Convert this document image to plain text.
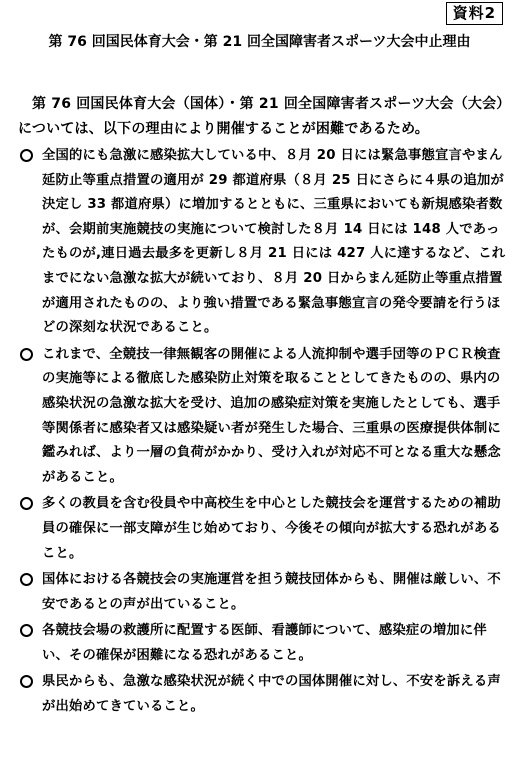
資料2
第 76 回国民体育大会・第 21 回全国障害者スポーツ大会中止理由
第 76 回国民体育大会（国体）・第 21 回全国障害者スポーツ大会（大会）については、以下の理由により開催することが困難であるため。
全国的にも急激に感染拡大している中、８月 20 日には緊急事態宣言やまん延防止等重点措置の適用が 29 都道府県（８月 25 日にさらに４県の追加が決定し 33 都道府県）に増加するとともに、三重県においても新規感染者数が、会期前実施競技の実施について検討した８月 14 日には 148 人であったものが,連日過去最多を更新し８月 21 日には 427 人に達するなど、これまでにない急激な拡大が続いており、８月 20 日からまん延防止等重点措置が適用されたものの、より強い措置である緊急事態宣言の発令要請を行うほどの深刻な状況であること。
これまで、全競技一律無観客の開催による人流抑制や選手団等のＰＣＲ検査の実施等による徹底した感染防止対策を取ることとしてきたものの、県内の感染状況の急激な拡大を受け、追加の感染症対策を実施したとしても、選手等関係者に感染者又は感染疑い者が発生した場合、三重県の医療提供体制に鑑みれば、より一層の負荷がかかり、受け入れが対応不可となる重大な懸念があること。
多くの教員を含む役員や中高校生を中心とした競技会を運営するための補助員の確保に一部支障が生じ始めており、今後その傾向が拡大する恐れがあること。
国体における各競技会の実施運営を担う競技団体からも、開催は厳しい、不安であるとの声が出ていること。
各競技会場の救護所に配置する医師、看護師について、感染症の増加に伴い、その確保が困難になる恐れがあること。
県民からも、急激な感染状況が続く中での国体開催に対し、不安を訴える声が出始めてきていること。
